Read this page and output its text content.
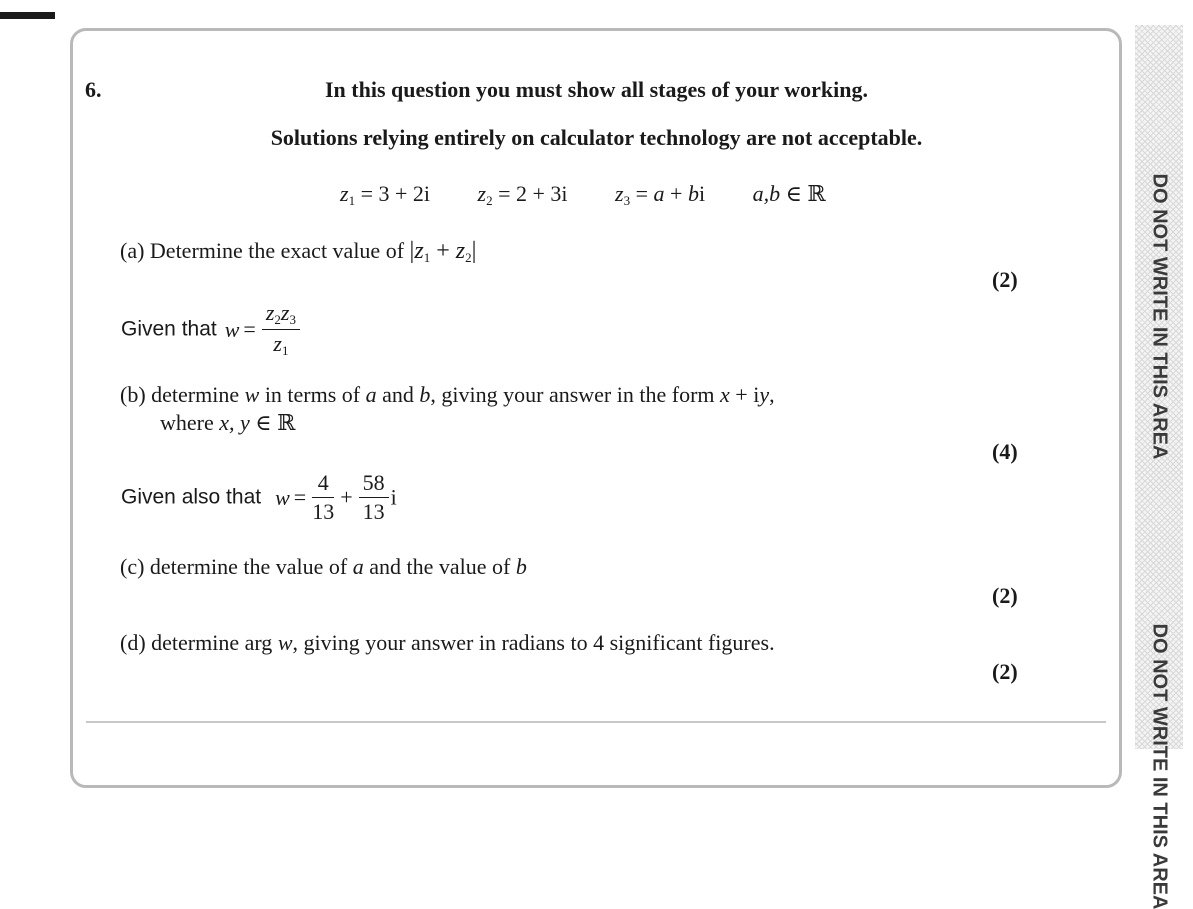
6.	In this question you must show all stages of your working.
Solutions relying entirely on calculator technology are not acceptable.
$z_1 = 3 + 2i$ $z_2 = 2 + 3i$ $z_3 = a$ + bi a,b ∈ ℝ
(a) Determine the exact value of $|z_1 + z_2|$
(2)
Given that $w = \frac{z_2z_3}{z_1}$
(b) determine w in terms of a and b, giving your answer in the form x + iy,
where x, y ∈ ℝ
(4)
Given also that $w = \frac{4}{13} + \frac{58}{13}$ i
(c) determine the value of a and the value of b
(2)
(d) determine arg w, giving your answer in radians to 4 significant figures.
(2)
DO NOT WRITE IN THIS AREA
DO NOT WRITE IN THIS AREA
